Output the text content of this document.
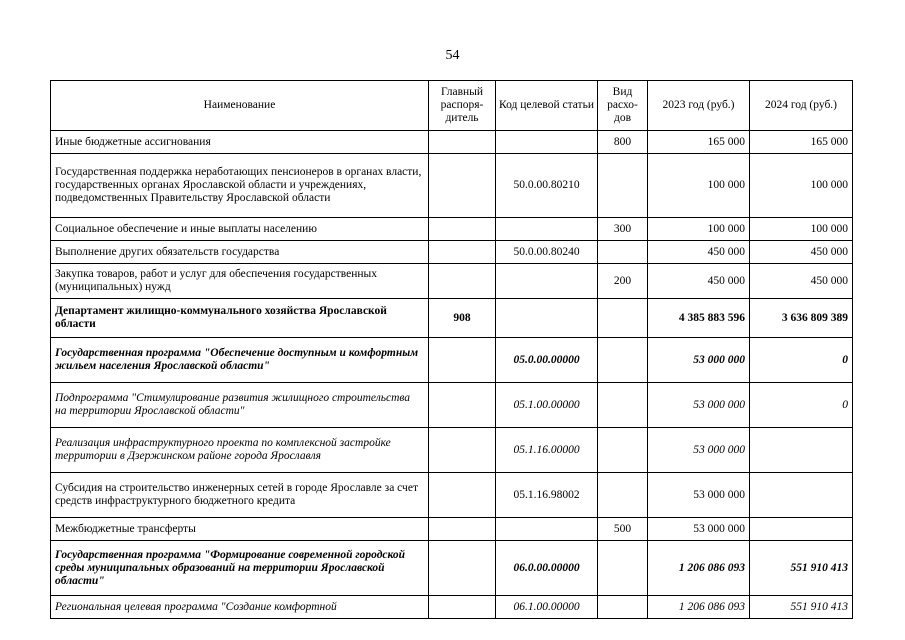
54
Наименование	Главный распоря-дитель	Код целевой статьи	Вид расхо-дов	2023 год (руб.)	2024 год (руб.)
Иные бюджетные ассигнования			800	165 000	165 000
Государственная поддержка неработающих пенсионеров в органах власти, государственных органах Ярославской области и учреждениях, подведомственных Правительству Ярославской области		50.0.00.80210		100 000	100 000
Социальное обеспечение и иные выплаты населению			300	100 000	100 000
Выполнение других обязательств государства		50.0.00.80240		450 000	450 000
Закупка товаров, работ и услуг для обеспечения государственных (муниципальных) нужд			200	450 000	450 000
Департамент жилищно-коммунального хозяйства Ярославской области	908			4 385 883 596	3 636 809 389
Государственная программа "Обеспечение доступным и комфортным жильем населения Ярославской области"		05.0.00.00000		53 000 000	0
Подпрограмма "Стимулирование развития жилищного строительства на территории Ярославской области"		05.1.00.00000		53 000 000	0
Реализация инфраструктурного проекта по комплексной застройке территории в Дзержинском районе города Ярославля		05.1.16.00000		53 000 000	
Субсидия на строительство инженерных сетей в городе Ярославле за счет средств инфраструктурного бюджетного кредита		05.1.16.98002		53 000 000	
Межбюджетные трансферты			500	53 000 000	
Государственная программа "Формирование современной городской среды муниципальных образований на территории Ярославской области"		06.0.00.00000		1 206 086 093	551 910 413
Региональная целевая программа "Создание комфортной		06.1.00.00000		1 206 086 093	551 910 413
